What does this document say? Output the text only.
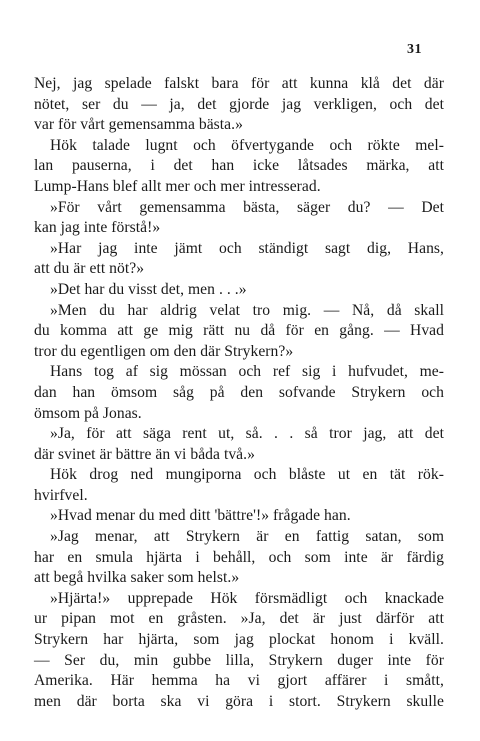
31
Nej, jag spelade falskt bara för att kunna klå det där
nötet, ser du — ja, det gjorde jag verkligen, och det
var för vårt gemensamma bästa.»
Hök talade lugnt och öfvertygande och rökte mel-
lan pauserna, i det han icke låtsades märka, att
Lump-Hans blef allt mer och mer intresserad.
»För vårt gemensamma bästa, säger du? — Det
kan jag inte förstå!»
»Har jag inte jämt och ständigt sagt dig, Hans,
att du är ett nöt?»
»Det har du visst det, men . . .»
»Men du har aldrig velat tro mig. — Nå, då skall
du komma att ge mig rätt nu då för en gång. — Hvad
tror du egentligen om den där Strykern?»
Hans tog af sig mössan och ref sig i hufvudet, me-
dan han ömsom såg på den sofvande Strykern och
ömsom på Jonas.
»Ja, för att säga rent ut, så. . . så tror jag, att det
där svinet är bättre än vi båda två.»
Hök drog ned mungiporna och blåste ut en tät rök-
hvirfvel.
»Hvad menar du med ditt 'bättre'!» frågade han.
»Jag menar, att Strykern är en fattig satan, som
har en smula hjärta i behåll, och som inte är färdig
att begå hvilka saker som helst.»
»Hjärta!» upprepade Hök försmädligt och knackade
ur pipan mot en gråsten. »Ja, det är just därför att
Strykern har hjärta, som jag plockat honom i kväll.
— Ser du, min gubbe lilla, Strykern duger inte för
Amerika. Här hemma ha vi gjort affärer i smått,
men där borta ska vi göra i stort. Strykern skulle
